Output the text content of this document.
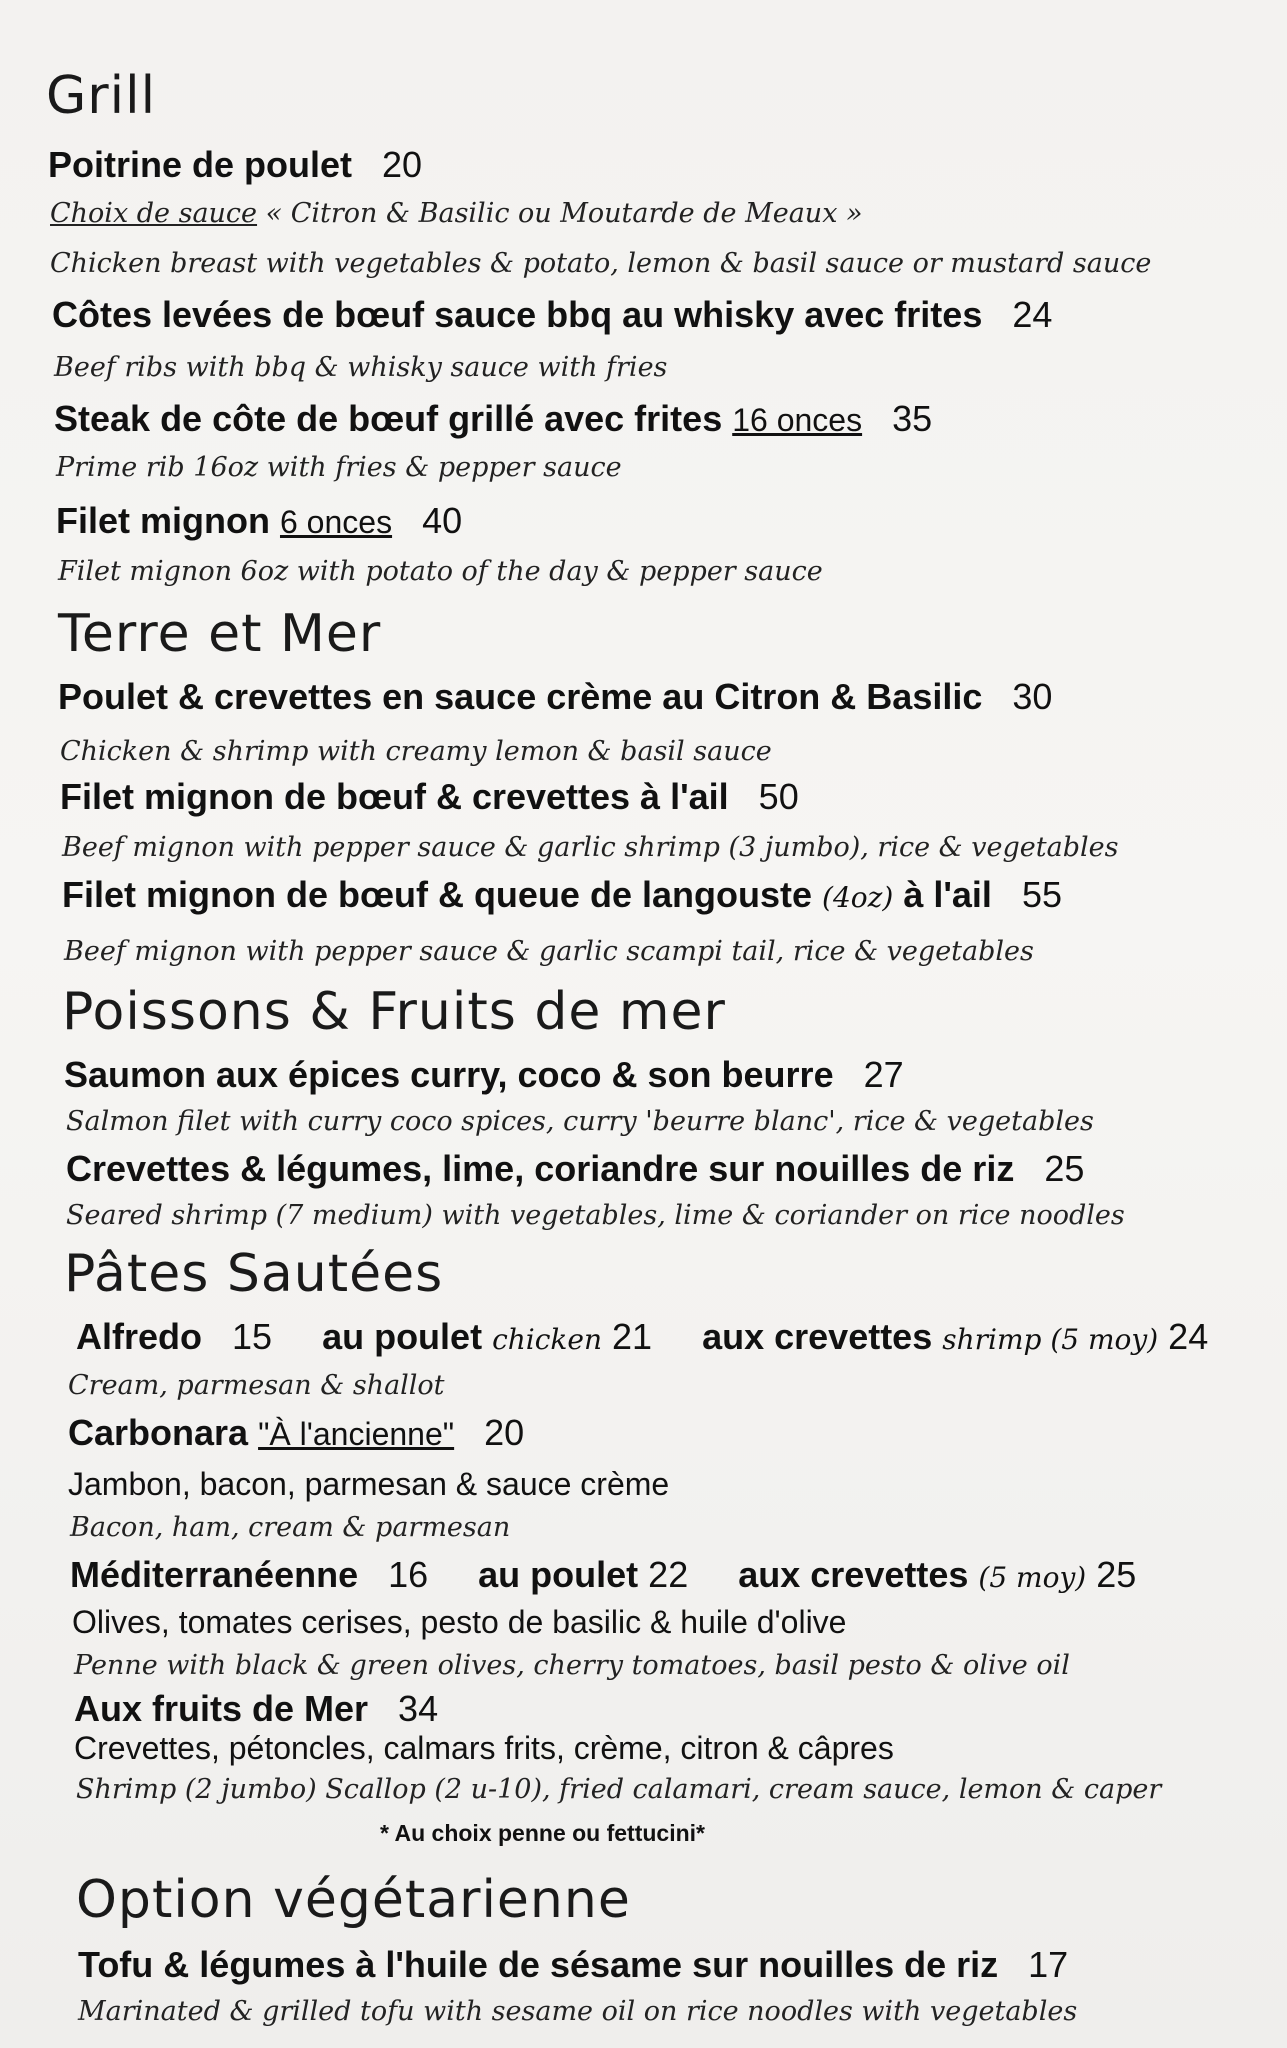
Grill
Poitrine de poulet 20
Choix de sauce « Citron & Basilic ou Moutarde de Meaux »
Chicken breast with vegetables & potato, lemon & basil sauce or mustard sauce
Côtes levées de bœuf sauce bbq au whisky avec frites 24
Beef ribs with bbq & whisky sauce with fries
Steak de côte de bœuf grillé avec frites 16 onces 35
Prime rib 16oz with fries & pepper sauce
Filet mignon 6 onces 40
Filet mignon 6oz with potato of the day & pepper sauce
Terre et Mer
Poulet & crevettes en sauce crème au Citron & Basilic 30
Chicken & shrimp with creamy lemon & basil sauce
Filet mignon de bœuf & crevettes à l'ail 50
Beef mignon with pepper sauce & garlic shrimp (3 jumbo), rice & vegetables
Filet mignon de bœuf & queue de langouste (4oz) à l'ail 55
Beef mignon with pepper sauce & garlic scampi tail, rice & vegetables
Poissons & Fruits de mer
Saumon aux épices curry, coco & son beurre 27
Salmon filet with curry coco spices, curry 'beurre blanc', rice & vegetables
Crevettes & légumes, lime, coriandre sur nouilles de riz 25
Seared shrimp (7 medium) with vegetables, lime & coriander on rice noodles
Pâtes Sautées
Alfredo 15 au poulet chicken 21 aux crevettes shrimp (5 moy) 24
Cream, parmesan & shallot
Carbonara "À l'ancienne" 20
Jambon, bacon, parmesan & sauce crème
Bacon, ham, cream & parmesan
Méditerranéenne 16 au poulet 22 aux crevettes (5 moy) 25
Olives, tomates cerises, pesto de basilic & huile d'olive
Penne with black & green olives, cherry tomatoes, basil pesto & olive oil
Aux fruits de Mer 34
Crevettes, pétoncles, calmars frits, crème, citron & câpres
Shrimp (2 jumbo) Scallop (2 u-10), fried calamari, cream sauce, lemon & caper
* Au choix penne ou fettucini*
Option végétarienne
Tofu & légumes à l'huile de sésame sur nouilles de riz 17
Marinated & grilled tofu with sesame oil on rice noodles with vegetables
